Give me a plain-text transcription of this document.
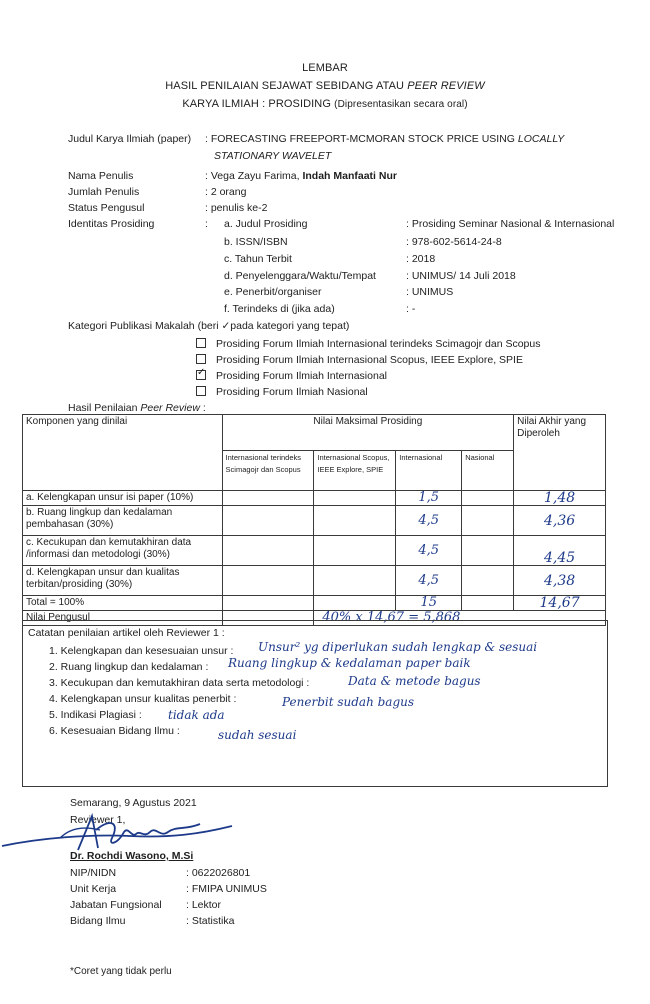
LEMBAR
HASIL PENILAIAN SEJAWAT SEBIDANG ATAU PEER REVIEW
KARYA ILMIAH : PROSIDING (Dipresentasikan secara oral)
Judul Karya Ilmiah (paper) : FORECASTING FREEPORT-MCMORAN STOCK PRICE USING LOCALLY
STATIONARY WAVELET
Nama Penulis	: Vega Zayu Farima, Indah Manfaati Nur
Jumlah Penulis	: 2 orang
Status Pengusul	: penulis ke-2
Identitas Prosiding	: a. Judul Prosiding	: Prosiding Seminar Nasional & Internasional
b. ISSN/ISBN	: 978-602-5614-24-8
c. Tahun Terbit	: 2018
d. Penyelenggara/Waktu/Tempat	: UNIMUS/ 14 Juli 2018
e. Penerbit/organiser	: UNIMUS
f. Terindeks di (jika ada)	: -
Kategori Publikasi Makalah (beri ✓pada kategori yang tepat)
Prosiding Forum Ilmiah Internasional terindeks Scimagojr dan Scopus
Prosiding Forum Ilmiah Internasional Scopus, IEEE Explore, SPIE
✓Prosiding Forum Ilmiah Internasional
Prosiding Forum Ilmiah Nasional
Hasil Penilaian Peer Review :
Komponen yang dinilai	Nilai Maksimal Prosiding				Nilai Akhir yang Diperoleh
	Internasional terindeks Scimagojr dan Scopus	Internasional Scopus, IEEE Explore, SPIE	Internasional	Nasional	
a. Kelengkapan unsur isi paper (10%)			1,5		1,48
b. Ruang lingkup dan kedalaman pembahasan (30%)			4,5		4,36
c. Kecukupan dan kemutakhiran data /informasi dan metodologi (30%)			4,5		4,45
d. Kelengkapan unsur dan kualitas terbitan/prosiding (30%)			4,5		4,38
Total = 100%			15		14,67
Nilai Pengusul		40% x 14,67 = 5,868			
Catatan penilaian artikel oleh Reviewer 1 :
1. Kelengkapan dan kesesuaian unsur : Unsur² yg diperlukan sudah lengkap & sesuai
2. Ruang lingkup dan kedalaman : Ruang lingkup & kedalaman paper baik
3. Kecukupan dan kemutakhiran data serta metodologi :	Data & metode bagus
4. Kelengkapan unsur kualitas penerbit :	Penerbit sudah bagus
5. Indikasi Plagiasi : tidak ada
6. Kesesuaian Bidang Ilmu :	sudah sesuai
Semarang, 9 Agustus 2021
Reviewer 1,
Dr. Rochdi Wasono, M.Si
NIP/NIDN	: 0622026801
Unit Kerja	: FMIPA UNIMUS
Jabatan Fungsional : Lektor
Bidang Ilmu	: Statistika
*Coret yang tidak perlu
